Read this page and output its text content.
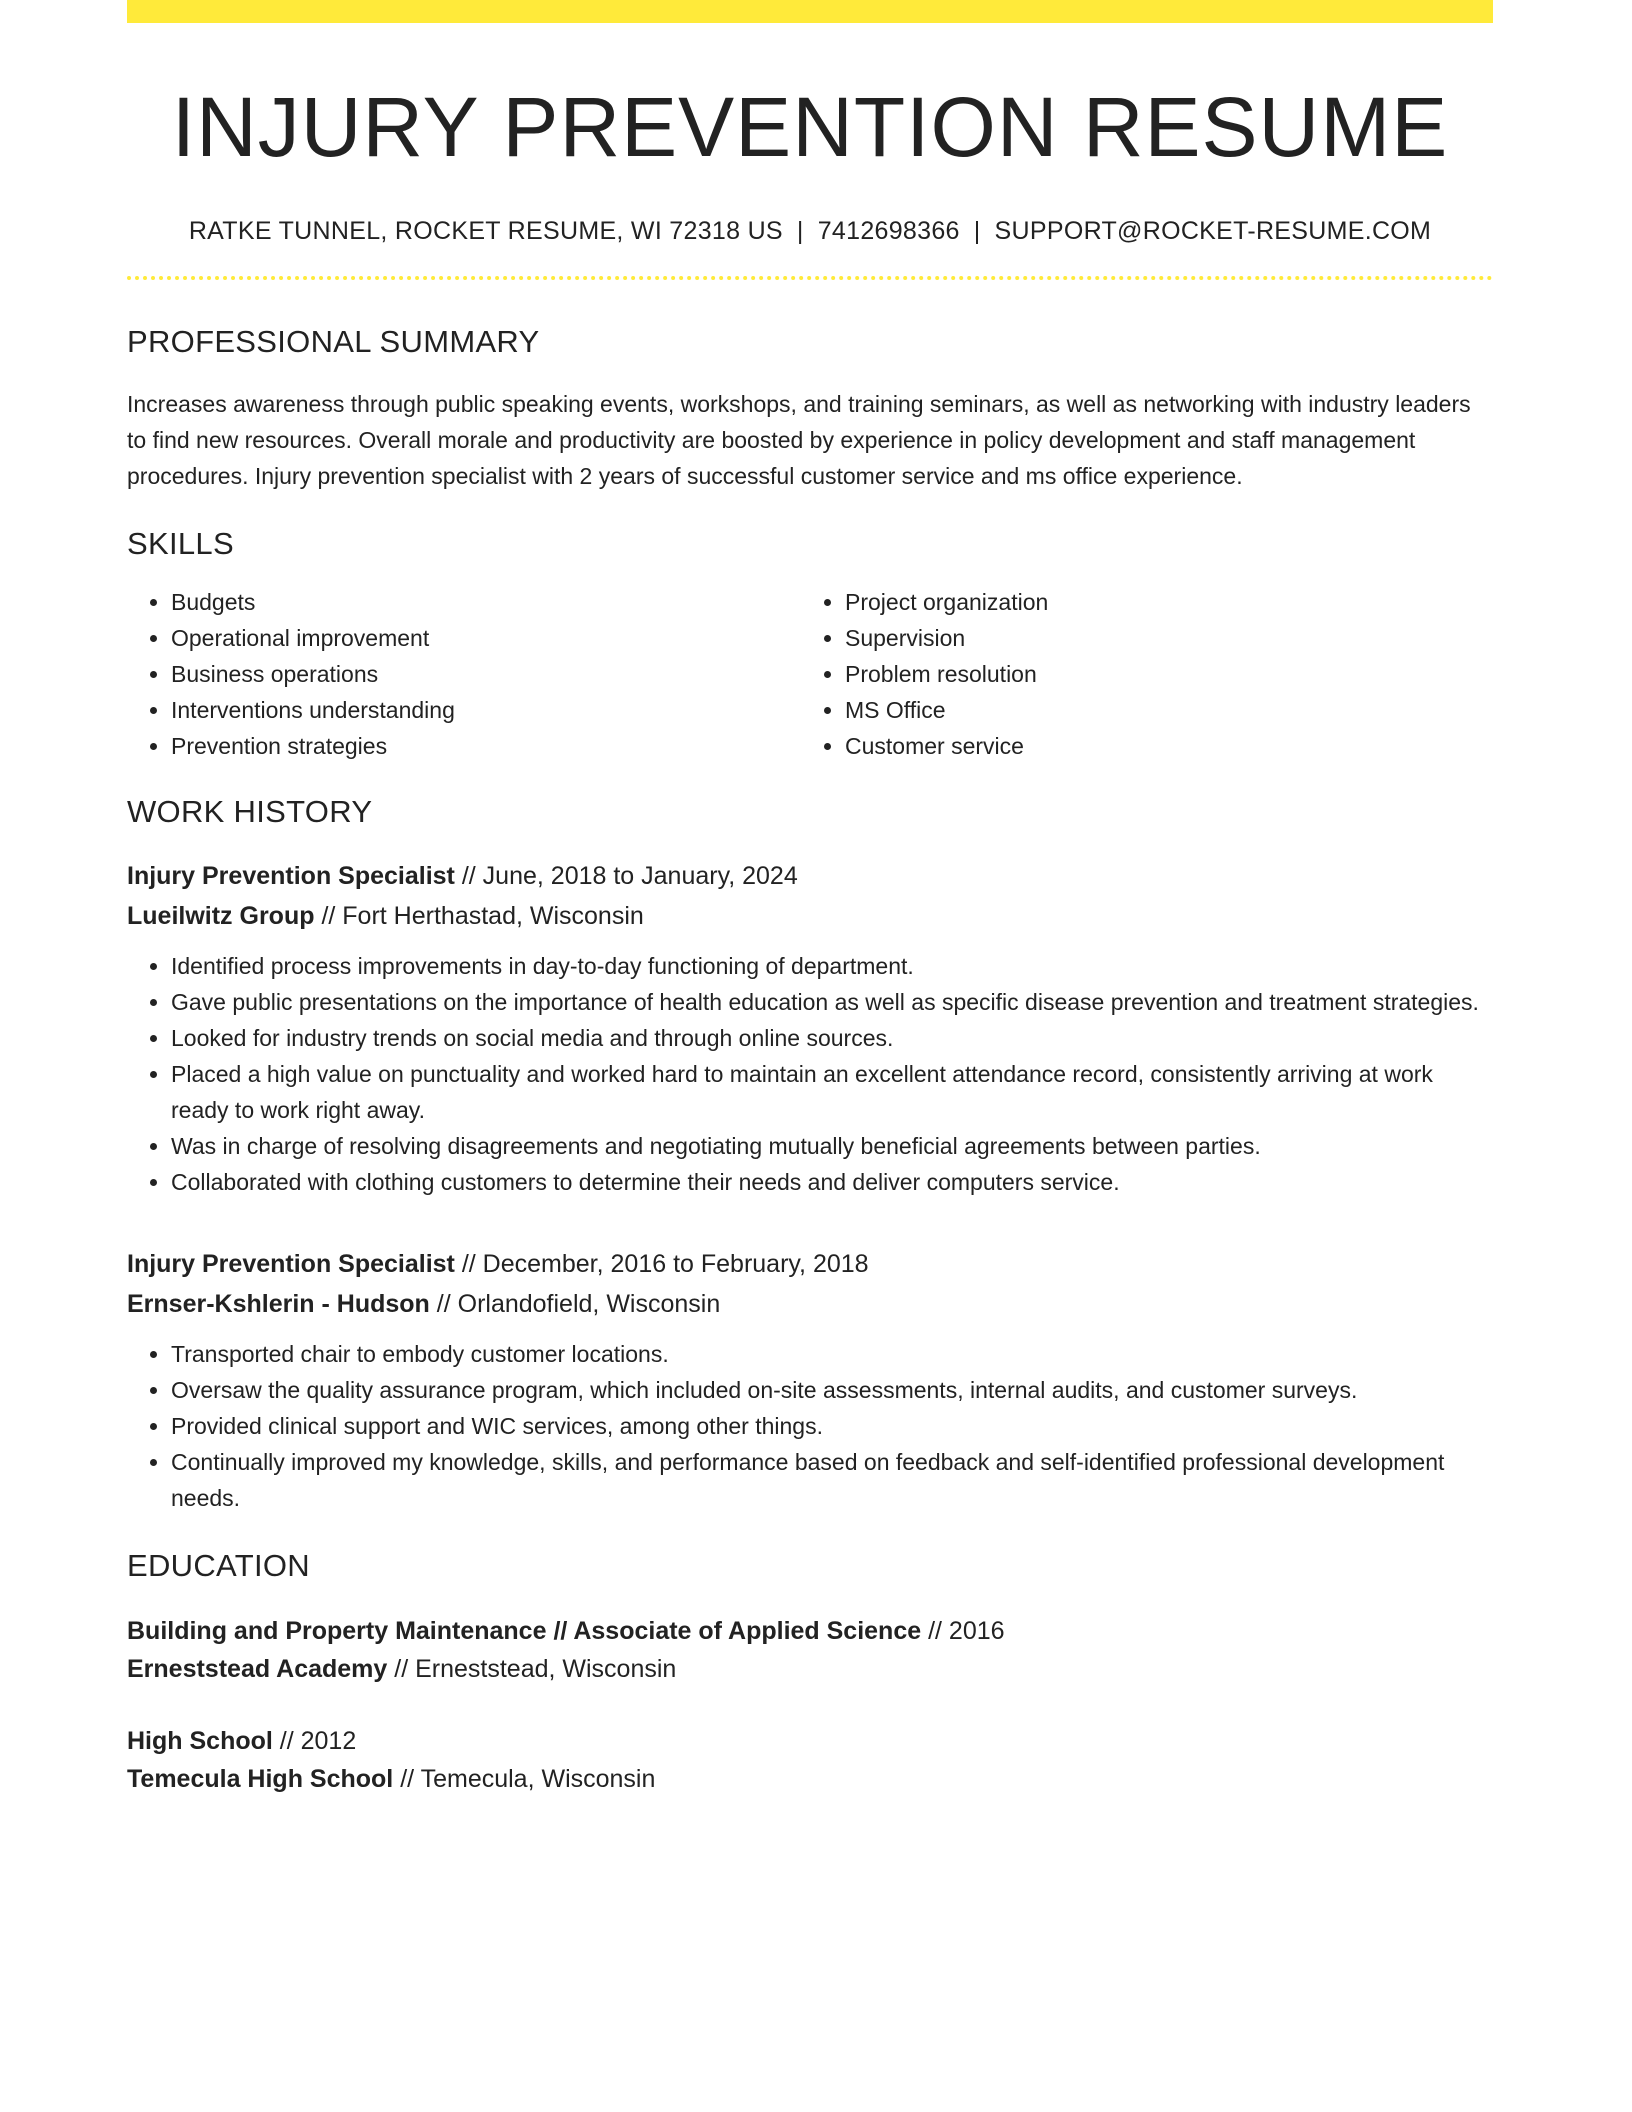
INJURY PREVENTION RESUME
RATKE TUNNEL, ROCKET RESUME, WI 72318 US | 7412698366 | SUPPORT@ROCKET-RESUME.COM
PROFESSIONAL SUMMARY

Increases awareness through public speaking events, workshops, and training seminars, as well as networking with industry leaders to find new resources. Overall morale and productivity are boosted by experience in policy development and staff management procedures. Injury prevention specialist with 2 years of successful customer service and ms office experience.

SKILLS
• Budgets
• Operational improvement
• Business operations
• Interventions understanding
• Prevention strategies
• Project organization
• Supervision
• Problem resolution
• MS Office
• Customer service
WORK HISTORY
Injury Prevention Specialist // June, 2018 to January, 2024
Lueilwitz Group // Fort Herthastad, Wisconsin
• Identified process improvements in day-to-day functioning of department.
• Gave public presentations on the importance of health education as well as specific disease prevention and treatment strategies.
• Looked for industry trends on social media and through online sources.
• Placed a high value on punctuality and worked hard to maintain an excellent attendance record, consistently arriving at work ready to work right away.
• Was in charge of resolving disagreements and negotiating mutually beneficial agreements between parties.
• Collaborated with clothing customers to determine their needs and deliver computers service.
Injury Prevention Specialist // December, 2016 to February, 2018
Ernser-Kshlerin - Hudson // Orlandofield, Wisconsin
• Transported chair to embody customer locations.
• Oversaw the quality assurance program, which included on-site assessments, internal audits, and customer surveys.
• Provided clinical support and WIC services, among other things.
• Continually improved my knowledge, skills, and performance based on feedback and self-identified professional development needs.
EDUCATION
Building and Property Maintenance // Associate of Applied Science // 2016
Erneststead Academy // Erneststead, Wisconsin
High School // 2012
Temecula High School // Temecula, Wisconsin
